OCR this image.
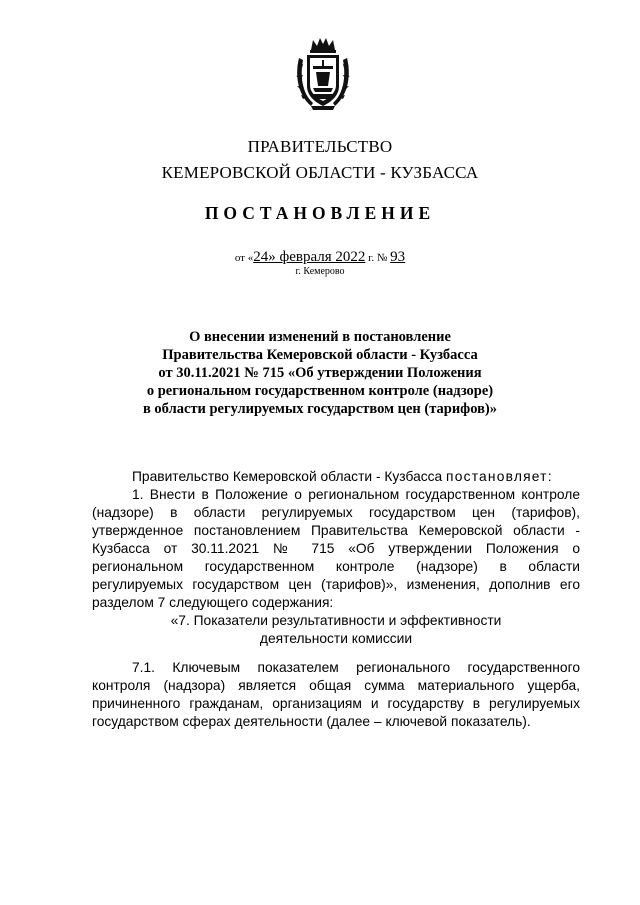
ПРАВИТЕЛЬСТВО
КЕМЕРОВСКОЙ ОБЛАСТИ - КУЗБАССА
ПОСТАНОВЛЕНИЕ
от «24» февраля 2022 г. № 93
г. Кемерово
О внесении изменений в постановление
Правительства Кемеровской области - Кузбасса
от 30.11.2021 № 715 «Об утверждении Положения
о региональном государственном контроле (надзоре)
в области регулируемых государством цен (тарифов)»
Правительство Кемеровской области - Кузбасса постановляет:
1. Внести в Положение о региональном государственном контроле
(надзоре) в области регулируемых государством цен (тарифов),
утвержденное постановлением Правительства Кемеровской области -
Кузбасса от 30.11.2021 № 715 «Об утверждении Положения о
региональном государственном контроле (надзоре) в области
регулируемых государством цен (тарифов)», изменения, дополнив его
разделом 7 следующего содержания:
«7. Показатели результативности и эффективности
деятельности комиссии
7.1. Ключевым показателем регионального государственного
контроля (надзора) является общая сумма материального ущерба,
причиненного гражданам, организациям и государству в регулируемых
государством сферах деятельности (далее – ключевой показатель).
